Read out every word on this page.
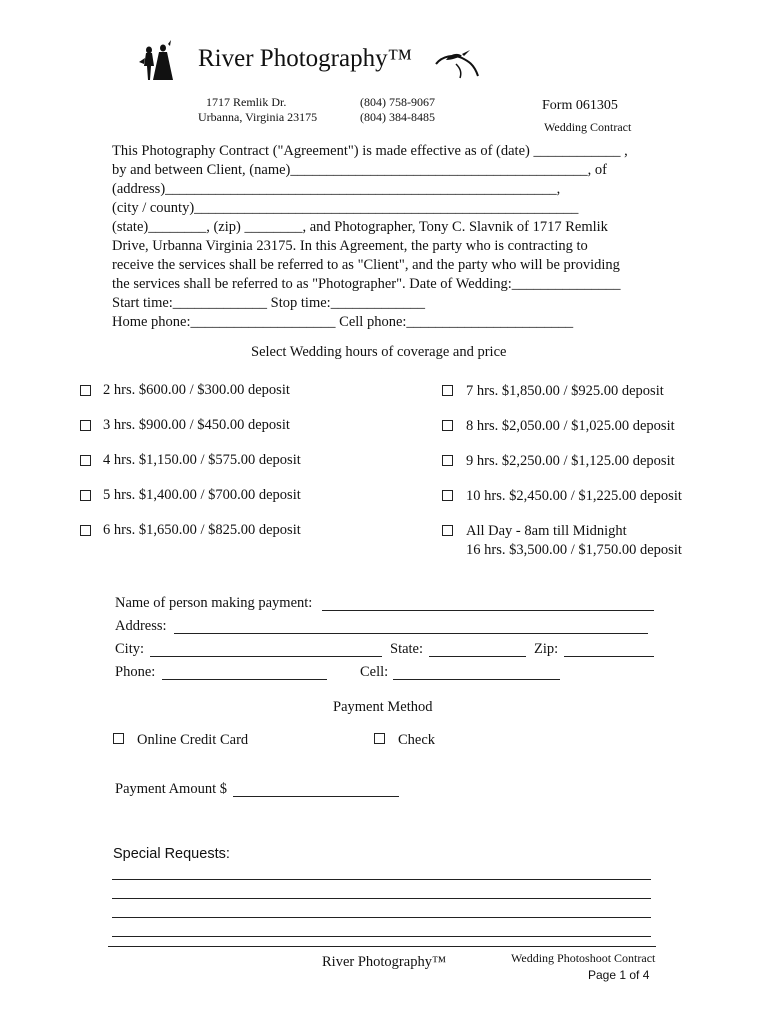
River Photography™
1717 Remlik Dr.
Urbanna, Virginia 23175
(804) 758-9067
(804) 384-8485
Form 061305
Wedding Contract
This Photography Contract ("Agreement") is made effective as of (date) ____________ ,
by and between Client, (name)_________________________________________, of
(address)______________________________________________________,
(city / county)_____________________________________________________
(state)________, (zip) ________, and Photographer, Tony C. Slavnik of 1717 Remlik
Drive, Urbanna Virginia 23175. In this Agreement, the party who is contracting to
receive the services shall be referred to as "Client", and the party who will be providing
the services shall be referred to as "Photographer". Date of Wedding:_______________
Start time:_____________ Stop time:_____________
Home phone:____________________ Cell phone:_______________________
Select Wedding hours of coverage and price
2 hrs. $600.00 / $300.00 deposit
3 hrs. $900.00 / $450.00 deposit
4 hrs. $1,150.00 / $575.00 deposit
5 hrs. $1,400.00 / $700.00 deposit
6 hrs. $1,650.00 / $825.00 deposit
7 hrs. $1,850.00 / $925.00 deposit
8 hrs. $2,050.00 / $1,025.00 deposit
9 hrs. $2,250.00 / $1,125.00 deposit
10 hrs. $2,450.00 / $1,225.00 deposit
All Day - 8am till Midnight
16 hrs. $3,500.00 / $1,750.00 deposit
Name of person making payment:
Address:
City:	State:	Zip:
Phone:	Cell:
Payment Method
Online Credit Card	Check
Payment Amount $
Special Requests:
River Photography™	Wedding Photoshoot Contract
Page 1 of 4
